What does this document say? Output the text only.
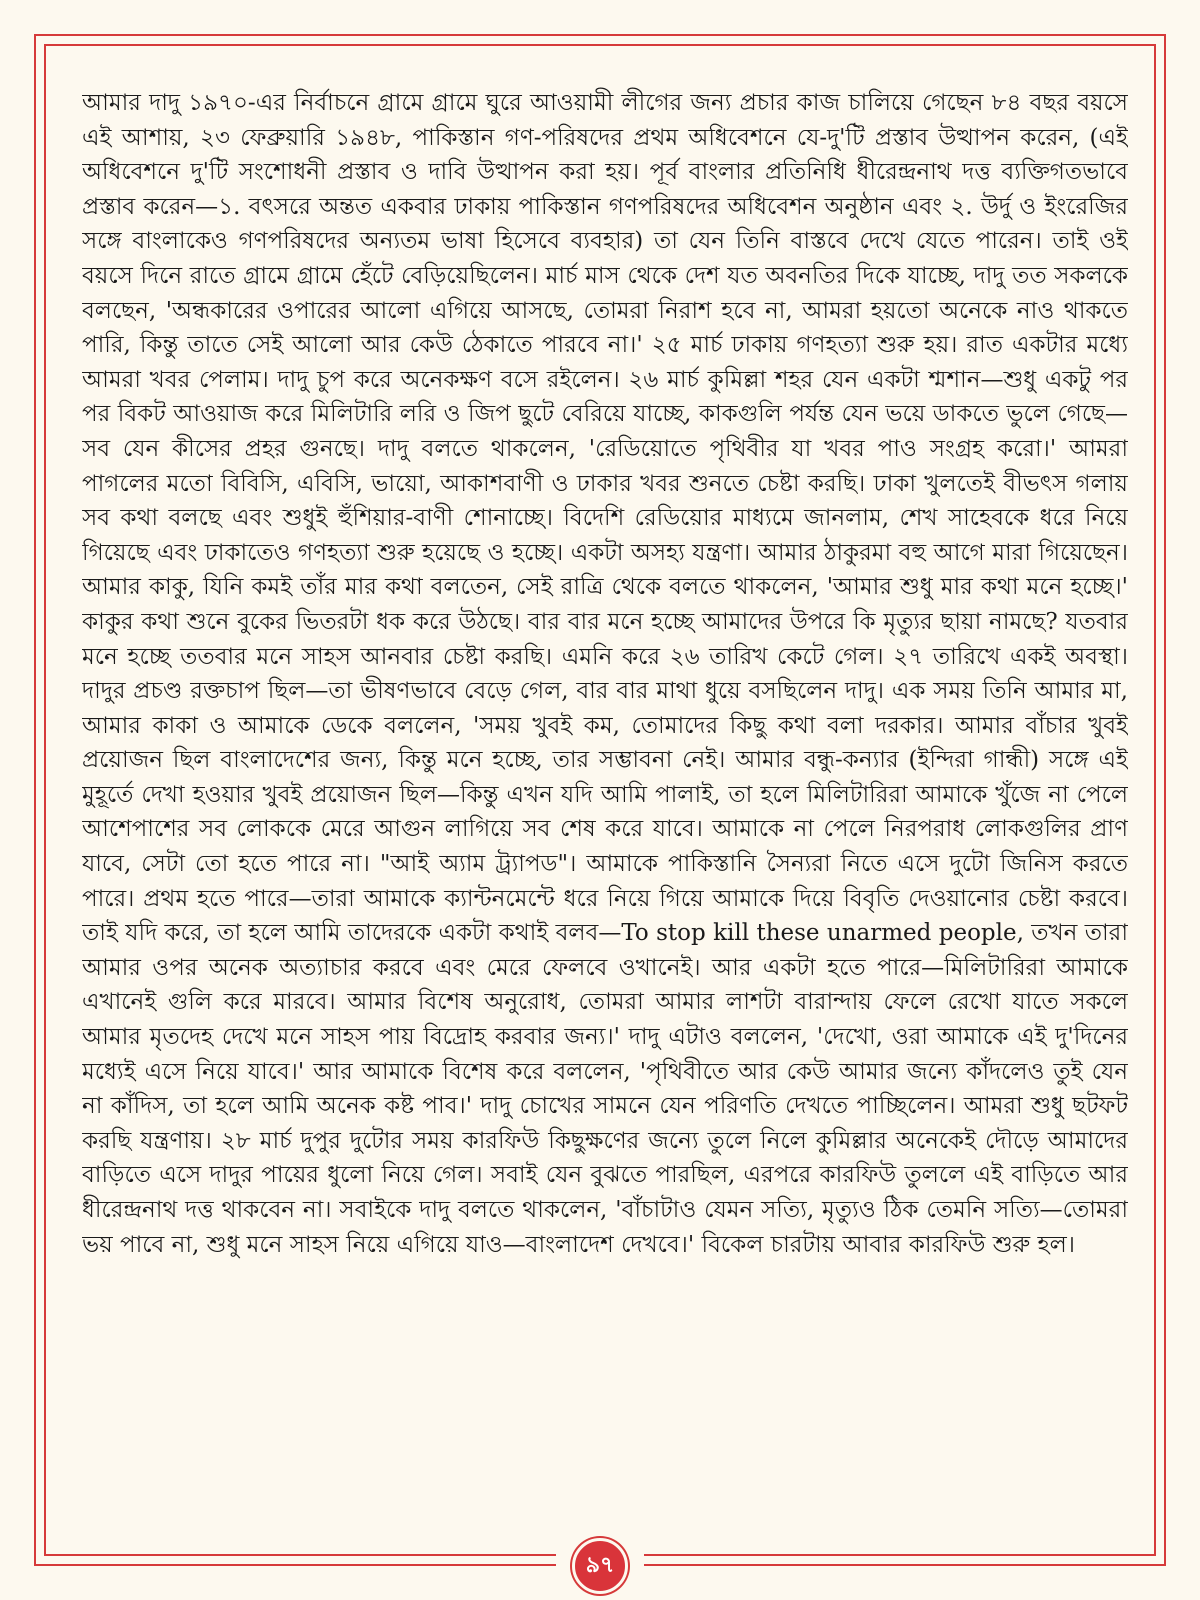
আমার দাদু ১৯৭০-এর নির্বাচনে গ্রামে গ্রামে ঘুরে আওয়ামী লীগের জন্য প্রচার কাজ চালিয়ে গেছেন ৮৪ বছর বয়সে এই আশায়, ২৩ ফেব্রুয়ারি ১৯৪৮, পাকিস্তান গণ-পরিষদের প্রথম অধিবেশনে যে-দু'টি প্রস্তাব উত্থাপন করেন, (এই অধিবেশনে দু'টি সংশোধনী প্রস্তাব ও দাবি উত্থাপন করা হয়। পূর্ব বাংলার প্রতিনিধি ধীরেন্দ্রনাথ দত্ত ব্যক্তিগতভাবে প্রস্তাব করেন—১. বৎসরে অন্তত একবার ঢাকায় পাকিস্তান গণপরিষদের অধিবেশন অনুষ্ঠান এবং ২. উর্দু ও ইংরেজির সঙ্গে বাংলাকেও গণপরিষদের অন্যতম ভাষা হিসেবে ব্যবহার) তা যেন তিনি বাস্তবে দেখে যেতে পারেন। তাই ওই বয়সে দিনে রাতে গ্রামে গ্রামে হেঁটে বেড়িয়েছিলেন। মার্চ মাস থেকে দেশ যত অবনতির দিকে যাচ্ছে, দাদু তত সকলকে বলছেন, 'অন্ধকারের ওপারের আলো এগিয়ে আসছে, তোমরা নিরাশ হবে না, আমরা হয়তো অনেকে নাও থাকতে পারি, কিন্তু তাতে সেই আলো আর কেউ ঠেকাতে পারবে না।' ২৫ মার্চ ঢাকায় গণহত্যা শুরু হয়। রাত একটার মধ্যে আমরা খবর পেলাম। দাদু চুপ করে অনেকক্ষণ বসে রইলেন। ২৬ মার্চ কুমিল্লা শহর যেন একটা শ্মশান—শুধু একটু পর পর বিকট আওয়াজ করে মিলিটারি লরি ও জিপ ছুটে বেরিয়ে যাচ্ছে, কাকগুলি পর্যন্ত যেন ভয়ে ডাকতে ভুলে গেছে—সব যেন কীসের প্রহর গুনছে। দাদু বলতে থাকলেন, 'রেডিয়োতে পৃথিবীর যা খবর পাও সংগ্রহ করো।' আমরা পাগলের মতো বিবিসি, এবিসি, ভায়ো, আকাশবাণী ও ঢাকার খবর শুনতে চেষ্টা করছি। ঢাকা খুলতেই বীভৎস গলায় সব কথা বলছে এবং শুধুই হুঁশিয়ার-বাণী শোনাচ্ছে। বিদেশি রেডিয়োর মাধ্যমে জানলাম, শেখ সাহেবকে ধরে নিয়ে গিয়েছে এবং ঢাকাতেও গণহত্যা শুরু হয়েছে ও হচ্ছে। একটা অসহ্য যন্ত্রণা। আমার ঠাকুরমা বহু আগে মারা গিয়েছেন। আমার কাকু, যিনি কমই তাঁর মার কথা বলতেন, সেই রাত্রি থেকে বলতে থাকলেন, 'আমার শুধু মার কথা মনে হচ্ছে।' কাকুর কথা শুনে বুকের ভিতরটা ধক করে উঠছে। বার বার মনে হচ্ছে আমাদের উপরে কি মৃত্যুর ছায়া নামছে? যতবার মনে হচ্ছে ততবার মনে সাহস আনবার চেষ্টা করছি। এমনি করে ২৬ তারিখ কেটে গেল। ২৭ তারিখে একই অবস্থা। দাদুর প্রচণ্ড রক্তচাপ ছিল—তা ভীষণভাবে বেড়ে গেল, বার বার মাথা ধুয়ে বসছিলেন দাদু। এক সময় তিনি আমার মা, আমার কাকা ও আমাকে ডেকে বললেন, 'সময় খুবই কম, তোমাদের কিছু কথা বলা দরকার। আমার বাঁচার খুবই প্রয়োজন ছিল বাংলাদেশের জন্য, কিন্তু মনে হচ্ছে, তার সম্ভাবনা নেই। আমার বন্ধু-কন্যার (ইন্দিরা গান্ধী) সঙ্গে এই মুহূর্তে দেখা হওয়ার খুবই প্রয়োজন ছিল—কিন্তু এখন যদি আমি পালাই, তা হলে মিলিটারিরা আমাকে খুঁজে না পেলে আশেপাশের সব লোককে মেরে আগুন লাগিয়ে সব শেষ করে যাবে। আমাকে না পেলে নিরপরাধ লোকগুলির প্রাণ যাবে, সেটা তো হতে পারে না। "আই অ্যাম ট্র্যাপড"। আমাকে পাকিস্তানি সৈন্যরা নিতে এসে দুটো জিনিস করতে পারে। প্রথম হতে পারে—তারা আমাকে ক্যান্টনমেন্টে ধরে নিয়ে গিয়ে আমাকে দিয়ে বিবৃতি দেওয়ানোর চেষ্টা করবে। তাই যদি করে, তা হলে আমি তাদেরকে একটা কথাই বলব—To stop kill these unarmed people, তখন তারা আমার ওপর অনেক অত্যাচার করবে এবং মেরে ফেলবে ওখানেই। আর একটা হতে পারে—মিলিটারিরা আমাকে এখানেই গুলি করে মারবে। আমার বিশেষ অনুরোধ, তোমরা আমার লাশটা বারান্দায় ফেলে রেখো যাতে সকলে আমার মৃতদেহ দেখে মনে সাহস পায় বিদ্রোহ করবার জন্য।' দাদু এটাও বললেন, 'দেখো, ওরা আমাকে এই দু'দিনের মধ্যেই এসে নিয়ে যাবে।' আর আমাকে বিশেষ করে বললেন, 'পৃথিবীতে আর কেউ আমার জন্যে কাঁদলেও তুই যেন না কাঁদিস, তা হলে আমি অনেক কষ্ট পাব।' দাদু চোখের সামনে যেন পরিণতি দেখতে পাচ্ছিলেন। আমরা শুধু ছটফট করছি যন্ত্রণায়। ২৮ মার্চ দুপুর দুটোর সময় কারফিউ কিছুক্ষণের জন্যে তুলে নিলে কুমিল্লার অনেকেই দৌড়ে আমাদের বাড়িতে এসে দাদুর পায়ের ধুলো নিয়ে গেল। সবাই যেন বুঝতে পারছিল, এরপরে কারফিউ তুললে এই বাড়িতে আর ধীরেন্দ্রনাথ দত্ত থাকবেন না। সবাইকে দাদু বলতে থাকলেন, 'বাঁচাটাও যেমন সত্যি, মৃত্যুও ঠিক তেমনি সত্যি—তোমরা ভয় পাবে না, শুধু মনে সাহস নিয়ে এগিয়ে যাও—বাংলাদেশ দেখবে।' বিকেল চারটায় আবার কারফিউ শুরু হল।

৯৭
